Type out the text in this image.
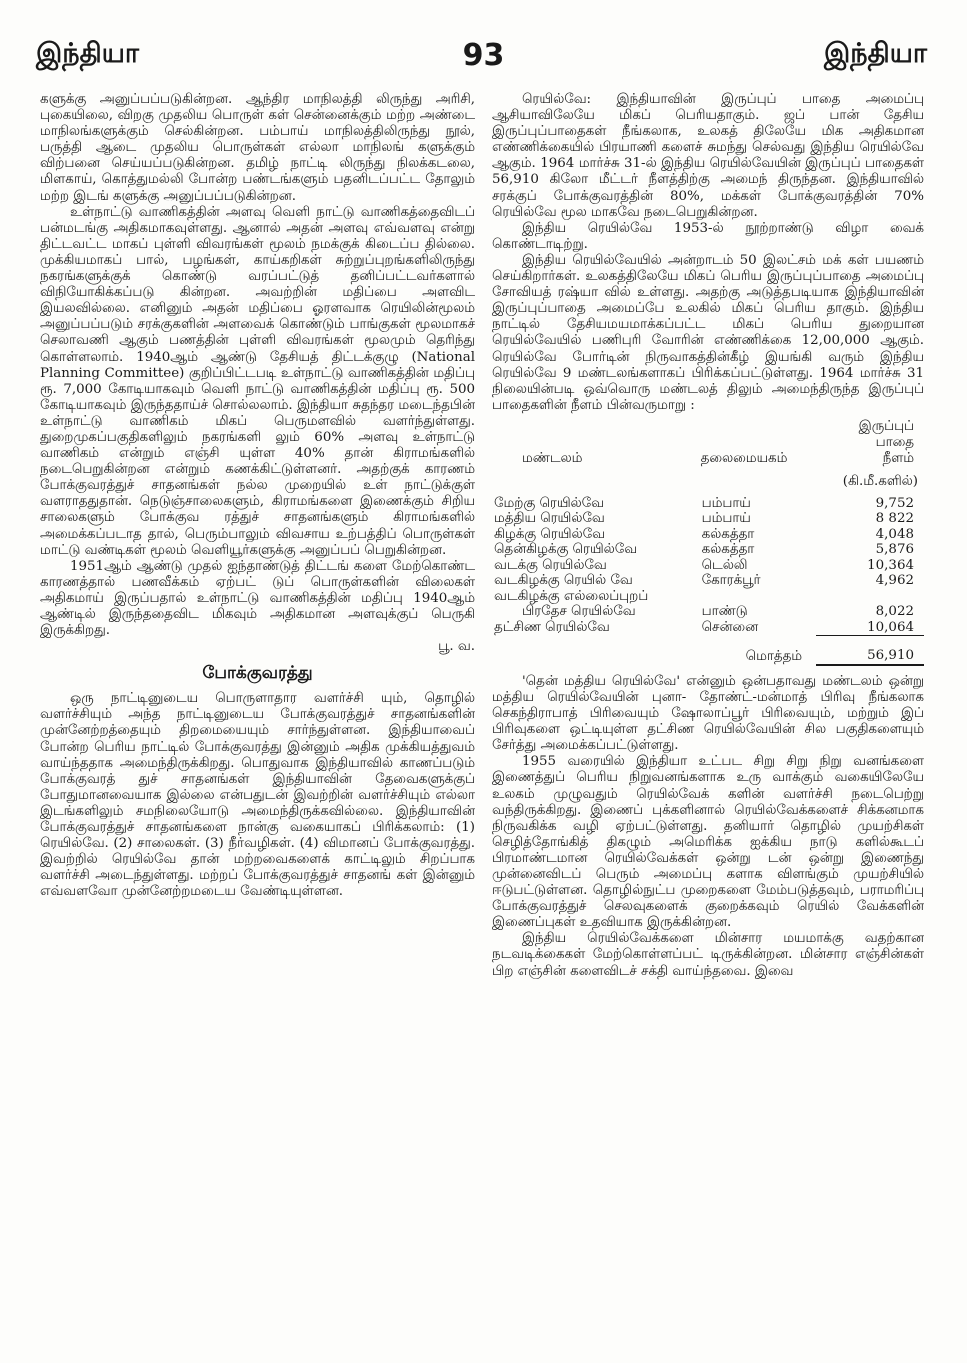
இந்தியா	93	இந்தியா

களுக்கு அனுப்பப்படுகின்றன. ஆந்திர மாநிலத்தி லிருந்து அரிசி, புகையிலை, விறகு முதலிய பொருள் கள் சென்னைக்கும் மற்ற அண்டை மாநிலங்களுக்கும் செல்கின்றன. பம்பாய் மாநிலத்திலிருந்து நூல், பருத்தி ஆடை முதலிய பொருள்கள் எல்லா மாநிலங் களுக்கும் விற்பனை செய்யப்படுகின்றன. தமிழ் நாட்டி லிருந்து நிலக்கடலை, மிளகாய், கொத்துமல்லி போன்ற பண்டங்களும் பதனிடப்பட்ட தோலும் மற்ற இடங் களுக்கு அனுப்பப்படுகின்றன.

உள்நாட்டு வாணிகத்தின் அளவு வெளி நாட்டு வாணிகத்தைவிடப் பன்மடங்கு அதிகமாகவுள்ளது. ஆனால் அதன் அளவு எவ்வளவு என்று திட்டவட்ட மாகப் புள்ளி விவரங்கள் மூலம் நமக்குக் கிடைப்ப தில்லை. முக்கியமாகப் பால், பழங்கள், காய்கறிகள் சுற்றுப்புறங்களிலிருந்து நகரங்களுக்குக் கொண்டு வரப்பட்டுத் தனிப்பட்டவர்களால் விநியோகிக்கப்படு கின்றன. அவற்றின் மதிப்பை அளவிட இயலவில்லை. எனினும் அதன் மதிப்பை ஓரளவாக ரெயிலின்மூலம் அனுப்பப்படும் சரக்குகளின் அளவைக் கொண்டும் பாங்குகள் மூலமாகச் செலாவணி ஆகும் பணத்தின் புள்ளி விவரங்கள் மூலமும் தெரிந்து கொள்ளலாம். 1940ஆம் ஆண்டு தேசியத் திட்டக்குழு (National Planning Committee) குறிப்பிட்டபடி உள்நாட்டு வாணிகத்தின் மதிப்பு ரூ. 7,000 கோடியாகவும் வெளி நாட்டு வாணிகத்தின் மதிப்பு ரூ. 500 கோடியாகவும் இருந்ததாய்ச் சொல்லலாம். இந்தியா சுதந்தர மடைந்தபின் உள்நாட்டு வாணிகம் மிகப் பெருமளவில் வளர்ந்துள்ளது. துறைமுகப்பகுதிகளிலும் நகரங்களி லும் 60% அளவு உள்நாட்டு வாணிகம் என்றும் எஞ்சி யுள்ள 40% தான் கிராமங்களில் நடைபெறுகின்றன என்றும் கணக்கிட்டுள்ளனர். அதற்குக் காரணம் போக்குவரத்துச் சாதனங்கள் நல்ல முறையில் உள் நாட்டுக்குள் வளராததுதான். நெடுஞ்சாலைகளும், கிராமங்களை இணைக்கும் சிறிய சாலைகளும் போக்குவ ரத்துச் சாதனங்களும் கிராமங்களில் அமைக்கப்படாத தால், பெரும்பாலும் விவசாய உற்பத்திப் பொருள்கள் மாட்டு வண்டிகள் மூலம் வெளியூர்களுக்கு அனுப்பப் பெறுகின்றன.

1951ஆம் ஆண்டு முதல் ஐந்தாண்டுத் திட்டங் களை மேற்கொண்ட காரணத்தால் பணவீக்கம் ஏற்பட் டுப் பொருள்களின் விலைகள் அதிகமாய் இருப்பதால் உள்நாட்டு வாணிகத்தின் மதிப்பு 1940ஆம் ஆண்டில் இருந்ததைவிட மிகவும் அதிகமான அளவுக்குப் பெருகி இருக்கிறது.

பூ. வ.
போக்குவரத்து

ஒரு நாட்டினுடைய பொருளாதார வளர்ச்சி யும், தொழில் வளர்ச்சியும் அந்த நாட்டினுடைய போக்குவரத்துச் சாதனங்களின் முன்னேற்றத்தையும் திறமையையும் சார்ந்துள்ளன. இந்தியாவைப் போன்ற பெரிய நாட்டில் போக்குவரத்து இன்னும் அதிக முக்கியத்துவம் வாய்ந்ததாக அமைந்திருக்கிறது. பொதுவாக இந்தியாவில் காணப்படும் போக்குவரத் துச் சாதனங்கள் இந்தியாவின் தேவைகளுக்குப் போதுமானவையாக இல்லை என்பதுடன் இவற்றின் வளர்ச்சியும் எல்லா இடங்களிலும் சமநிலையோடு அமைந்திருக்கவில்லை. இந்தியாவின் போக்குவரத்துச் சாதனங்களை நான்கு வகையாகப் பிரிக்கலாம்: (1) ரெயில்வே. (2) சாலைகள். (3) நீர்வழிகள். (4) விமானப் போக்குவரத்து. இவற்றில் ரெயில்வே தான் மற்றவைகளைக் காட்டிலும் சிறப்பாக வளர்ச்சி அடைந்துள்ளது. மற்றப் போக்குவரத்துச் சாதனங் கள் இன்னும் எவ்வளவோ முன்னேற்றமடைய வேண்டியுள்ளன.

ரெயில்வே: இந்தியாவின் இருப்புப் பாதை அமைப்பு ஆசியாவிலேயே மிகப் பெரியதாகும். ஜப் பான் தேசிய இருப்புப்பாதைகள் நீங்கலாக, உலகத் திலேயே மிக அதிகமான எண்ணிக்கையில் பிரயாணி களைச் சுமந்து செல்வது இந்திய ரெயில்வே ஆகும். 1964 மார்ச்சு 31-ல் இந்திய ரெயில்வேயின் இருப்புப் பாதைகள் 56,910 கிலோ மீட்டர் நீளத்திற்கு அமைந் திருந்தன. இந்தியாவில் சரக்குப் போக்குவரத்தின் 80%, மக்கள் போக்குவரத்தின் 70% ரெயில்வே மூல மாகவே நடைபெறுகின்றன.

இந்திய ரெயில்வே 1953-ல் நூற்றாண்டு விழா வைக் கொண்டாடிற்று.

இந்திய ரெயில்வேயில் அன்றாடம் 50 இலட்சம் மக் கள் பயணம் செய்கிறார்கள். உலகத்திலேயே மிகப் பெரிய இருப்புப்பாதை அமைப்பு சோவியத் ரஷ்யா வில் உள்ளது. அதற்கு அடுத்தபடியாக இந்தியாவின் இருப்புப்பாதை அமைப்பே உலகில் மிகப் பெரிய தாகும். இந்திய நாட்டில் தேசியமயமாக்கப்பட்ட மிகப் பெரிய துறையான ரெயில்வேயில் பணிபுரி வோரின் எண்ணிக்கை 12,00,000 ஆகும். ரெயில்வே போர்டின் நிருவாகத்தின்கீழ் இயங்கி வரும் இந்திய ரெயில்வே 9 மண்டலங்களாகப் பிரிக்கப்பட்டுள்ளது. 1964 மார்ச்சு 31 நிலையின்படி ஒவ்வொரு மண்டலத் திலும் அமைந்திருந்த இருப்புப் பாதைகளின் நீளம் பின்வருமாறு :

மண்டலம்	தலைமையகம்	இருப்புப்
பாதை
நீளம்

		(கி.மீ.களில்)
மேற்கு ரெயில்வே	பம்பாய்	9,752
மத்திய ரெயில்வே	பம்பாய்	8 822
கிழக்கு ரெயில்வே	கல்கத்தா	4,048
தென்கிழக்கு ரெயில்வே	கல்கத்தா	5,876
வடக்கு ரெயில்வே	டெல்லி	10,364
வடகிழக்கு ரெயில் வே	கோரக்பூர்	4,962
வடகிழக்கு எல்லைப்புறப்		
பிரதேச ரெயில்வே	பாண்டு	8,022
தட்சிண ரெயில்வே	சென்னை	10,064
	மொத்தம்	56,910

'தென் மத்திய ரெயில்வே' என்னும் ஒன்பதாவது மண்டலம் ஒன்று மத்திய ரெயில்வேயின் புனா- தோண்ட்-மன்மாத் பிரிவு நீங்கலாக செகந்திராபாத் பிரிவையும் ஷோலாப்பூர் பிரிவையும், மற்றும் இப் பிரிவுகளை ஒட்டியுள்ள தட்சிண ரெயில்வேயின் சில பகுதிகளையும் சேர்த்து அமைக்கப்பட்டுள்ளது.

1955 வரையில் இந்தியா உட்பட சிறு சிறு நிறு வனங்களை இணைத்துப் பெரிய நிறுவனங்களாக உரு வாக்கும் வகையிலேயே உலகம் முழுவதும் ரெயில்வேக் களின் வளர்ச்சி நடைபெற்று வந்திருக்கிறது. இணைப் புக்களினால் ரெயில்வேக்களைச் சிக்கனமாக நிருவகிக்க வழி ஏற்பட்டுள்ளது. தனியார் தொழில் முயற்சிகள் செழித்தோங்கித் திகழும் அமெரிக்க ஐக்கிய நாடு களில்கூடப் பிரமாண்டமான ரெயில்வேக்கள் ஒன்று டன் ஒன்று இணைந்து முன்னைவிடப் பெரும் அமைப்பு களாக விளங்கும் முயற்சியில் ஈடுபட்டுள்ளன. தொழில்நுட்ப முறைகளை மேம்படுத்தவும், பராமரிப்பு போக்குவரத்துச் செலவுகளைக் குறைக்கவும் ரெயில் வேக்களின் இணைப்புகள் உதவியாக இருக்கின்றன.

இந்திய ரெயில்வேக்களை மின்சார மயமாக்கு வதற்கான நடவடிக்கைகள் மேற்கொள்ளப்பட் டிருக்கின்றன. மின்சார எஞ்சின்கள் பிற எஞ்சின் களைவிடச் சக்தி வாய்ந்தவை. இவை
